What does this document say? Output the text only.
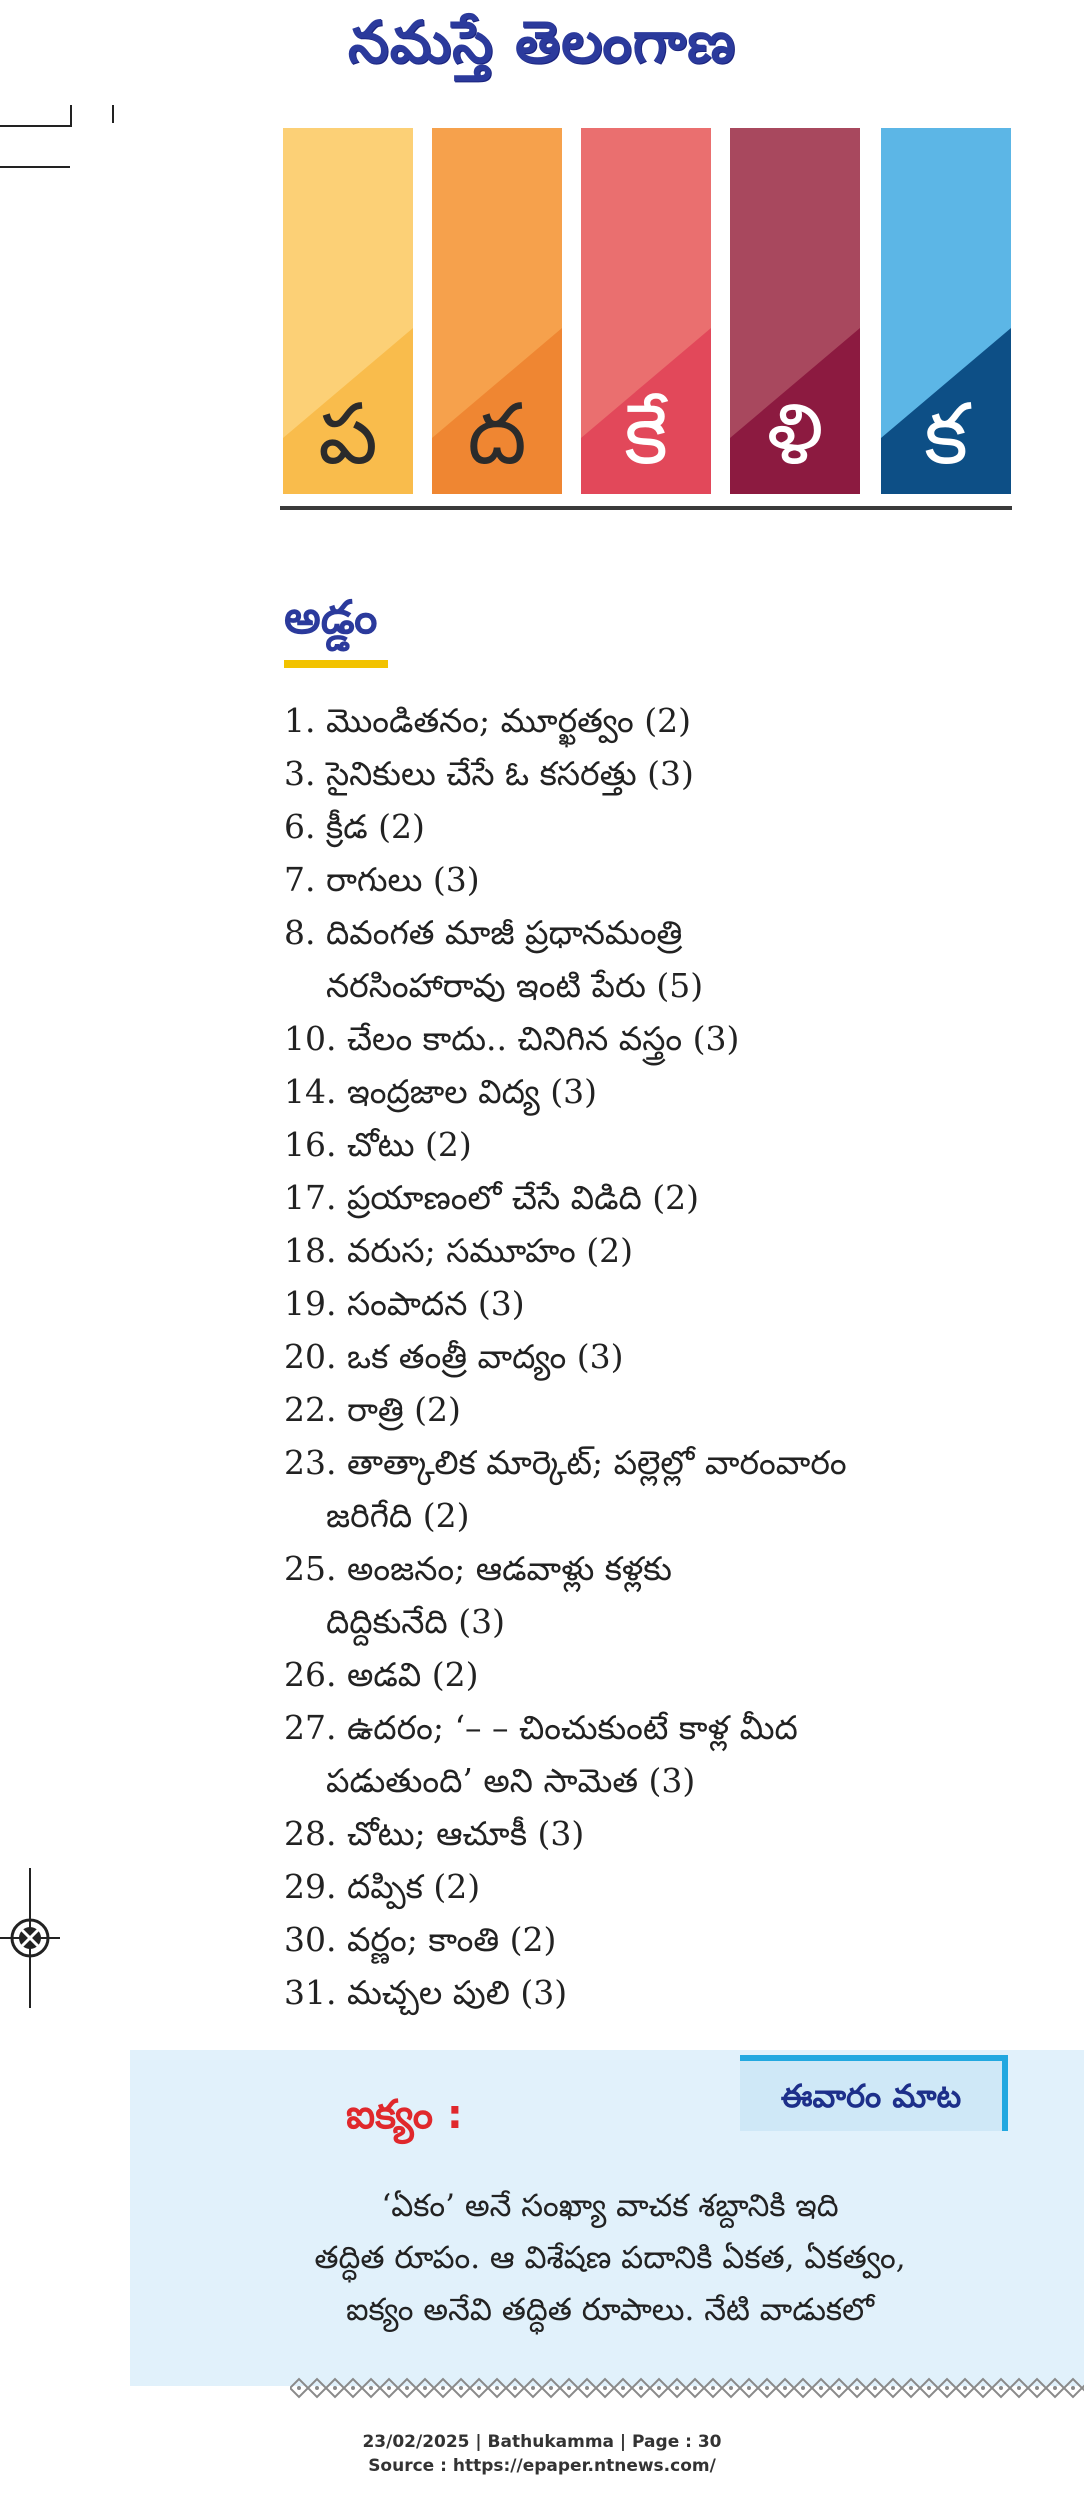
నమస్తే తెలంగాణ
ప	ద	కే	ళి	క
అడ్డం
1. మొండితనం; మూర్ఖత్వం (2)
3. సైనికులు చేసే ఓ కసరత్తు (3)
6. క్రీడ (2)
7. రాగులు (3)
8. దివంగత మాజీ ప్రధానమంత్రి
నరసింహారావు ఇంటి పేరు (5)
10. చేలం కాదు.. చినిగిన వస్త్రం (3)
14. ఇంద్రజాల విద్య (3)
16. చోటు (2)
17. ప్రయాణంలో చేసే విడిది (2)
18. వరుస; సమూహం (2)
19. సంపాదన (3)
20. ఒక తంత్రీ వాద్యం (3)
22. రాత్రి (2)
23. తాత్కాలిక మార్కెట్; పల్లెల్లో వారంవారం
జరిగేది (2)
25. అంజనం; ఆడవాళ్లు కళ్లకు
దిద్దికునేది (3)
26. అడవి (2)
27. ఉదరం; ‘– – చించుకుంటే కాళ్ల మీద
పడుతుంది’ అని సామెత (3)
28. చోటు; ఆచూకీ (3)
29. దప్పిక (2)
30. వర్ణం; కాంతి (2)
31. మచ్చల పులి (3)
ఐక్యం :	ఈవారం మాట
‘ఏకం’ అనే సంఖ్యా వాచక శబ్దానికి ఇది
తద్ధిత రూపం. ఆ విశేషణ పదానికి ఏకత, ఏకత్వం,
ఐక్యం అనేవి తద్ధిత రూపాలు. నేటి వాడుకలో
23/02/2025 | Bathukamma | Page : 30
Source : https://epaper.ntnews.com/
